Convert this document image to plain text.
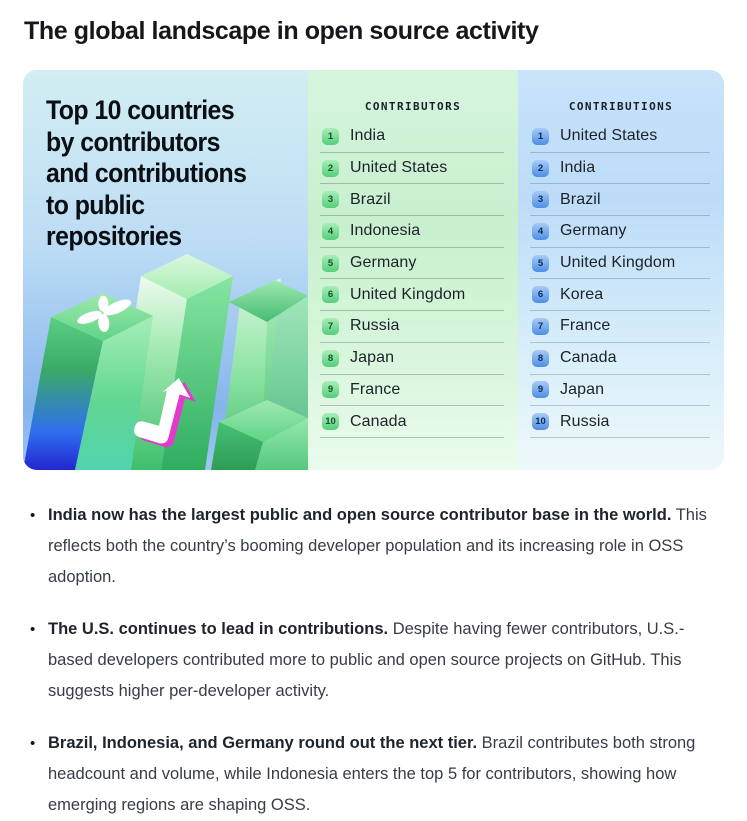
The global landscape in open source activity
Top 10 countries
by contributors
and contributions
to public
repositories
CONTRIBUTORS
1	India
2	United States
3	Brazil
4	Indonesia
5	Germany
6	United Kingdom
7	Russia
8	Japan
9	France
10 Canada
CONTRIBUTIONS
1	United States
2	India
3	Brazil
4	Germany
5	United Kingdom
6	Korea
7	France
8	Canada
9	Japan
10 Russia
• India now has the largest public and open source contributor base in the world. This reflects both the country’s booming developer population and its increasing role in OSS adoption.
• The U.S. continues to lead in contributions. Despite having fewer contributors, U.S.-based developers contributed more to public and open source projects on GitHub. This suggests higher per-developer activity.
• Brazil, Indonesia, and Germany round out the next tier. Brazil contributes both strong headcount and volume, while Indonesia enters the top 5 for contributors, showing how emerging regions are shaping OSS.
